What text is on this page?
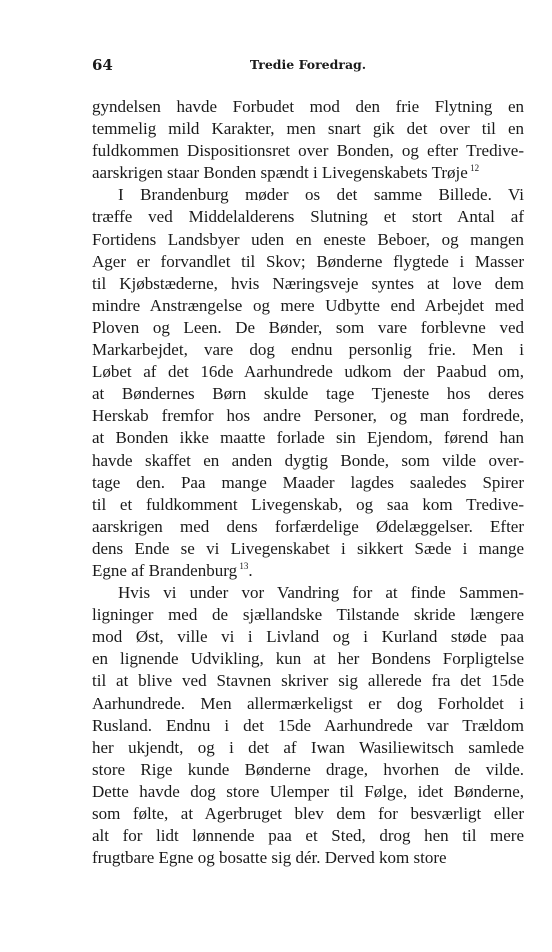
64	Tredie Foredrag.
gyndelsen havde Forbudet mod den frie Flytning en
temmelig mild Karakter, men snart gik det over til en
fuldkommen Dispositionsret over Bonden, og efter Tredive-
aarskrigen staar Bonden spændt i Livegenskabets Trøje $^{12}$
I Brandenburg møder os det samme Billede. Vi
træffe ved Middelalderens Slutning et stort Antal af
Fortidens Landsbyer uden en eneste Beboer, og mangen
Ager er forvandlet til Skov; Bønderne flygtede i Masser
til Kjøbstæderne, hvis Næringsveje syntes at love dem
mindre Anstrængelse og mere Udbytte end Arbejdet med
Ploven og Leen. De Bønder, som vare forblevne ved
Markarbejdet, vare dog endnu personlig frie. Men i
Løbet af det 16de Aarhundrede udkom der Paabud om,
at Bøndernes Børn skulde tage Tjeneste hos deres
Herskab fremfor hos andre Personer, og man fordrede,
at Bonden ikke maatte forlade sin Ejendom, førend han
havde skaffet en anden dygtig Bonde, som vilde over-
tage den. Paa mange Maader lagdes saaledes Spirer
til et fuldkomment Livegenskab, og saa kom Tredive-
aarskrigen med dens forfærdelige Ødelæggelser. Efter
dens Ende se vi Livegenskabet i sikkert Sæde i mange
Egne af Brandenburg $^{13}$.
Hvis vi under vor Vandring for at finde Sammen-
ligninger med de sjællandske Tilstande skride længere
mod Øst, ville vi i Livland og i Kurland støde paa
en lignende Udvikling, kun at her Bondens Forpligtelse
til at blive ved Stavnen skriver sig allerede fra det 15de
Aarhundrede. Men allermærkeligst er dog Forholdet i
Rusland. Endnu i det 15de Aarhundrede var Trældom
her ukjendt, og i det af Iwan Wasiliewitsch samlede
store Rige kunde Bønderne drage, hvorhen de vilde.
Dette havde dog store Ulemper til Følge, idet Bønderne,
som følte, at Agerbruget blev dem for besværligt eller
alt for lidt lønnende paa et Sted, drog hen til mere
frugtbare Egne og bosatte sig dér. Derved kom store
